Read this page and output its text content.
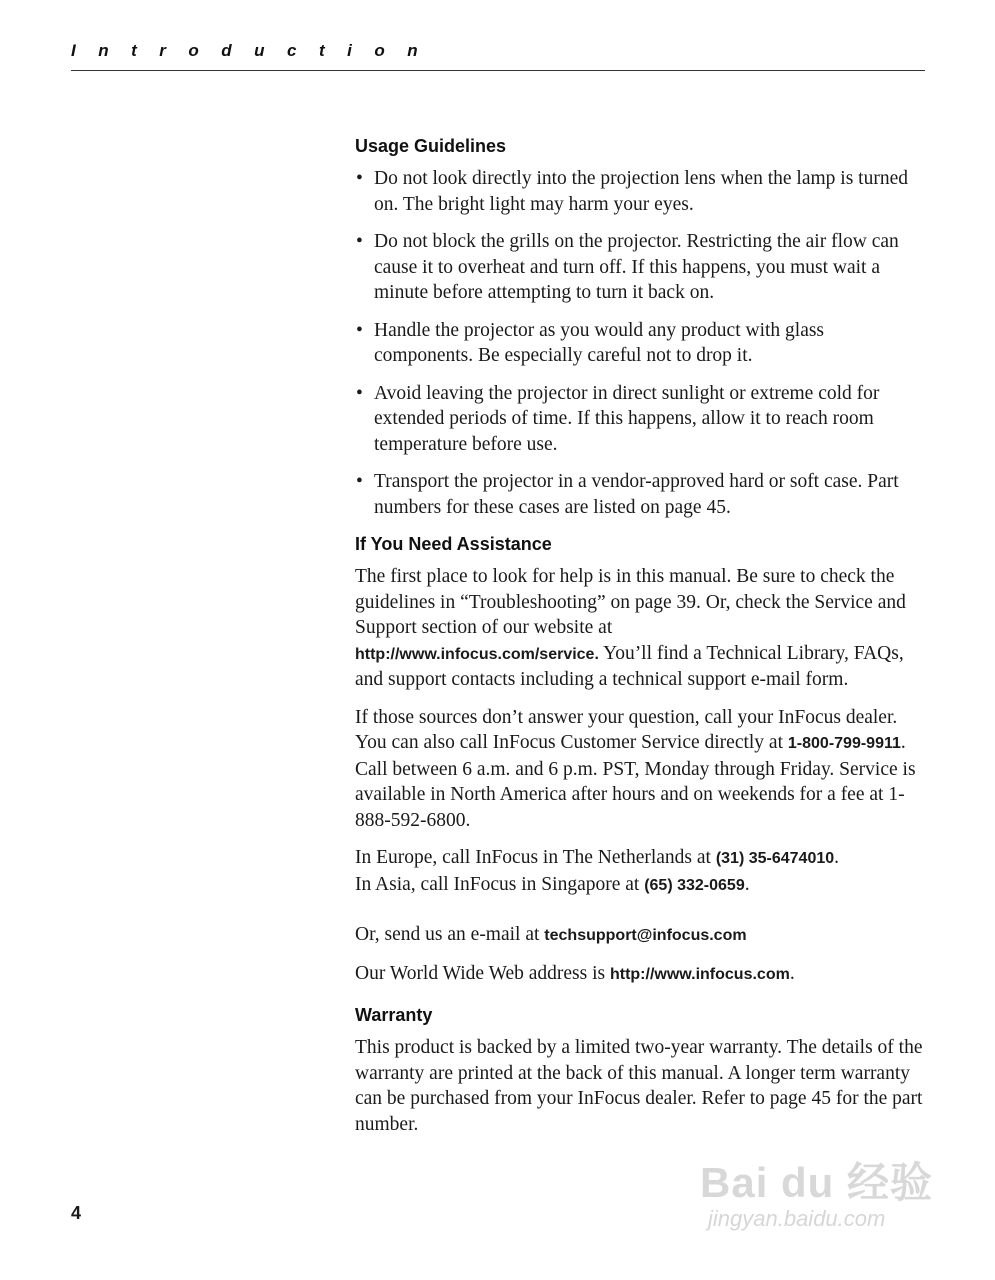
Introduction
Usage Guidelines
• Do not look directly into the projection lens when the lamp is turned on. The bright light may harm your eyes.
• Do not block the grills on the projector. Restricting the air flow can cause it to overheat and turn off. If this happens, you must wait a minute before attempting to turn it back on.
• Handle the projector as you would any product with glass components. Be especially careful not to drop it.
• Avoid leaving the projector in direct sunlight or extreme cold for extended periods of time. If this happens, allow it to reach room temperature before use.
• Transport the projector in a vendor-approved hard or soft case. Part numbers for these cases are listed on page 45.
If You Need Assistance

The first place to look for help is in this manual. Be sure to check the guidelines in “Troubleshooting” on page 39. Or, check the Service and Support section of our website at
http://www.infocus.com/service. You’ll find a Technical Library, FAQs, and support contacts including a technical support e-mail form.

If those sources don’t answer your question, call your InFocus dealer. You can also call InFocus Customer Service directly at 1-800-799-9911. Call between 6 a.m. and 6 p.m. PST, Monday through Friday. Service is available in North America after hours and on weekends for a fee at 1-888-592-6800.

In Europe, call InFocus in The Netherlands at (31) 35-6474010.
In Asia, call InFocus in Singapore at (65) 332-0659.

Or, send us an e-mail at techsupport@infocus.com

Our World Wide Web address is http://www.infocus.com.

Warranty

This product is backed by a limited two-year warranty. The details of the warranty are printed at the back of this manual. A longer term warranty can be purchased from your InFocus dealer. Refer to page 45 for the part number.

4
Bai du 经验
jingyan.baidu.com
